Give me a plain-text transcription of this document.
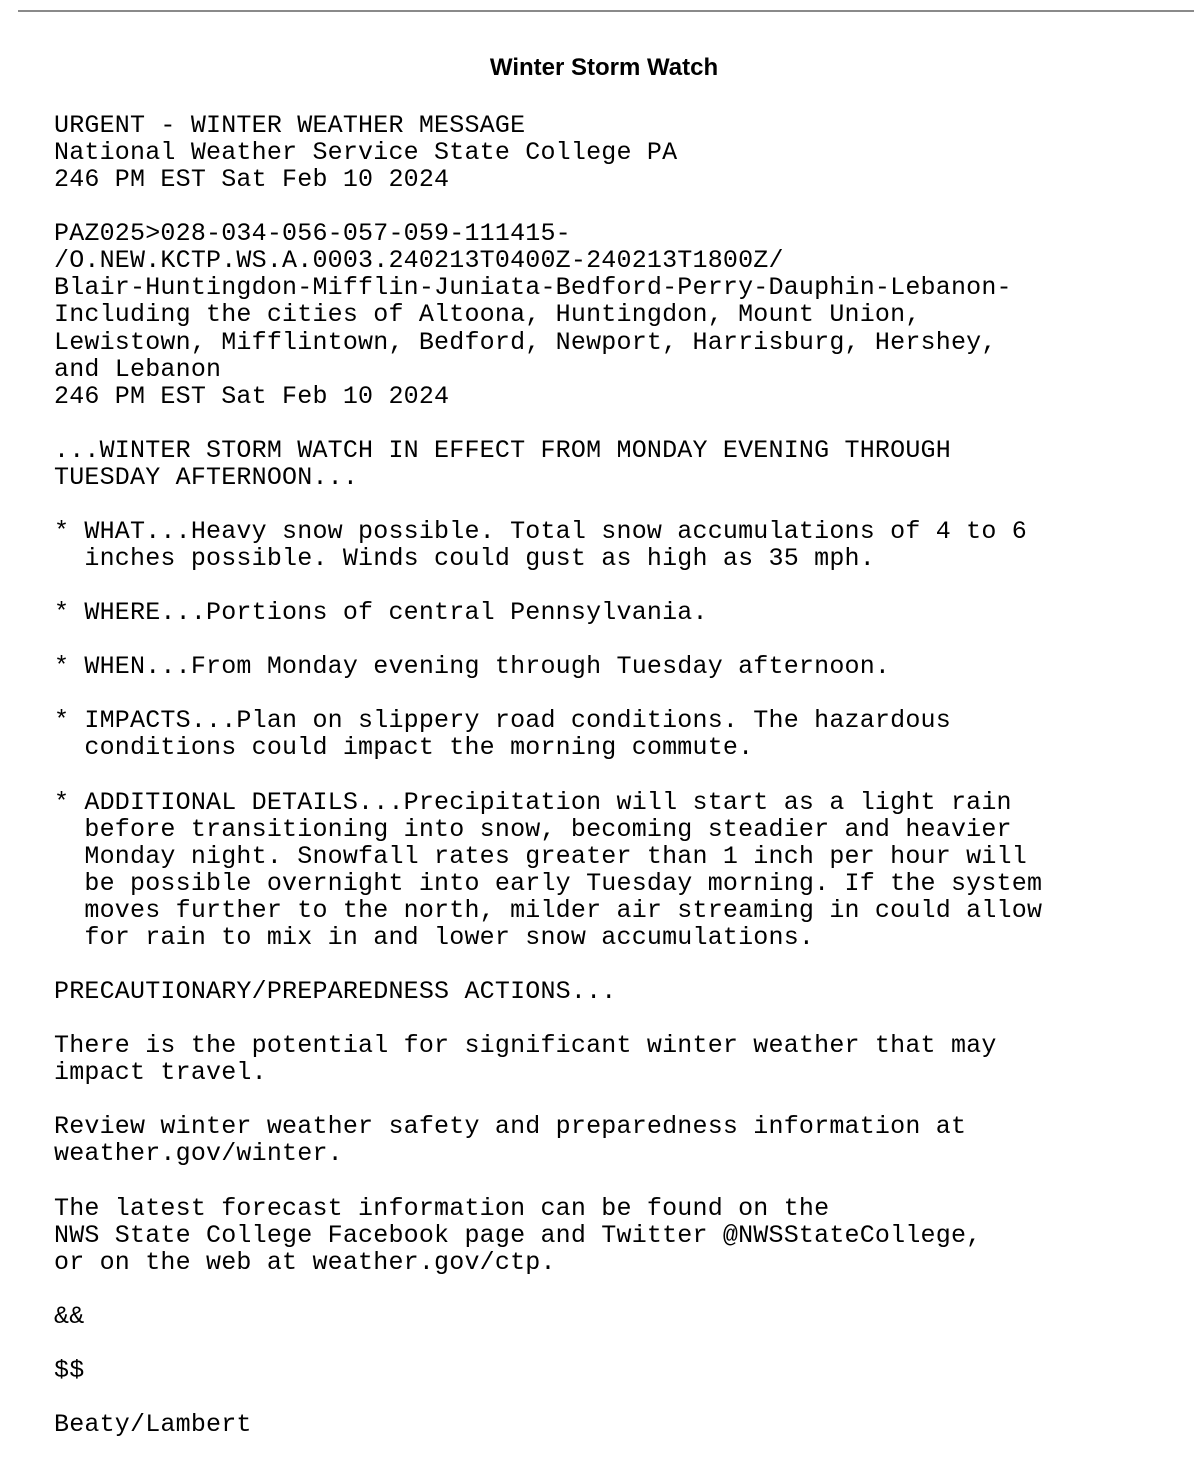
Winter Storm Watch
URGENT - WINTER WEATHER MESSAGE
National Weather Service State College PA
246 PM EST Sat Feb 10 2024

PAZ025>028-034-056-057-059-111415-
/O.NEW.KCTP.WS.A.0003.240213T0400Z-240213T1800Z/
Blair-Huntingdon-Mifflin-Juniata-Bedford-Perry-Dauphin-Lebanon-
Including the cities of Altoona, Huntingdon, Mount Union,
Lewistown, Mifflintown, Bedford, Newport, Harrisburg, Hershey,
and Lebanon
246 PM EST Sat Feb 10 2024

...WINTER STORM WATCH IN EFFECT FROM MONDAY EVENING THROUGH
TUESDAY AFTERNOON...

* WHAT...Heavy snow possible. Total snow accumulations of 4 to 6
inches possible. Winds could gust as high as 35 mph.

* WHERE...Portions of central Pennsylvania.

* WHEN...From Monday evening through Tuesday afternoon.

* IMPACTS...Plan on slippery road conditions. The hazardous
conditions could impact the morning commute.

* ADDITIONAL DETAILS...Precipitation will start as a light rain
before transitioning into snow, becoming steadier and heavier
Monday night. Snowfall rates greater than 1 inch per hour will
be possible overnight into early Tuesday morning. If the system
moves further to the north, milder air streaming in could allow
for rain to mix in and lower snow accumulations.

PRECAUTIONARY/PREPAREDNESS ACTIONS...

There is the potential for significant winter weather that may
impact travel.

Review winter weather safety and preparedness information at
weather.gov/winter.

The latest forecast information can be found on the
NWS State College Facebook page and Twitter @NWSStateCollege,
or on the web at weather.gov/ctp.

&&

$$

Beaty/Lambert
